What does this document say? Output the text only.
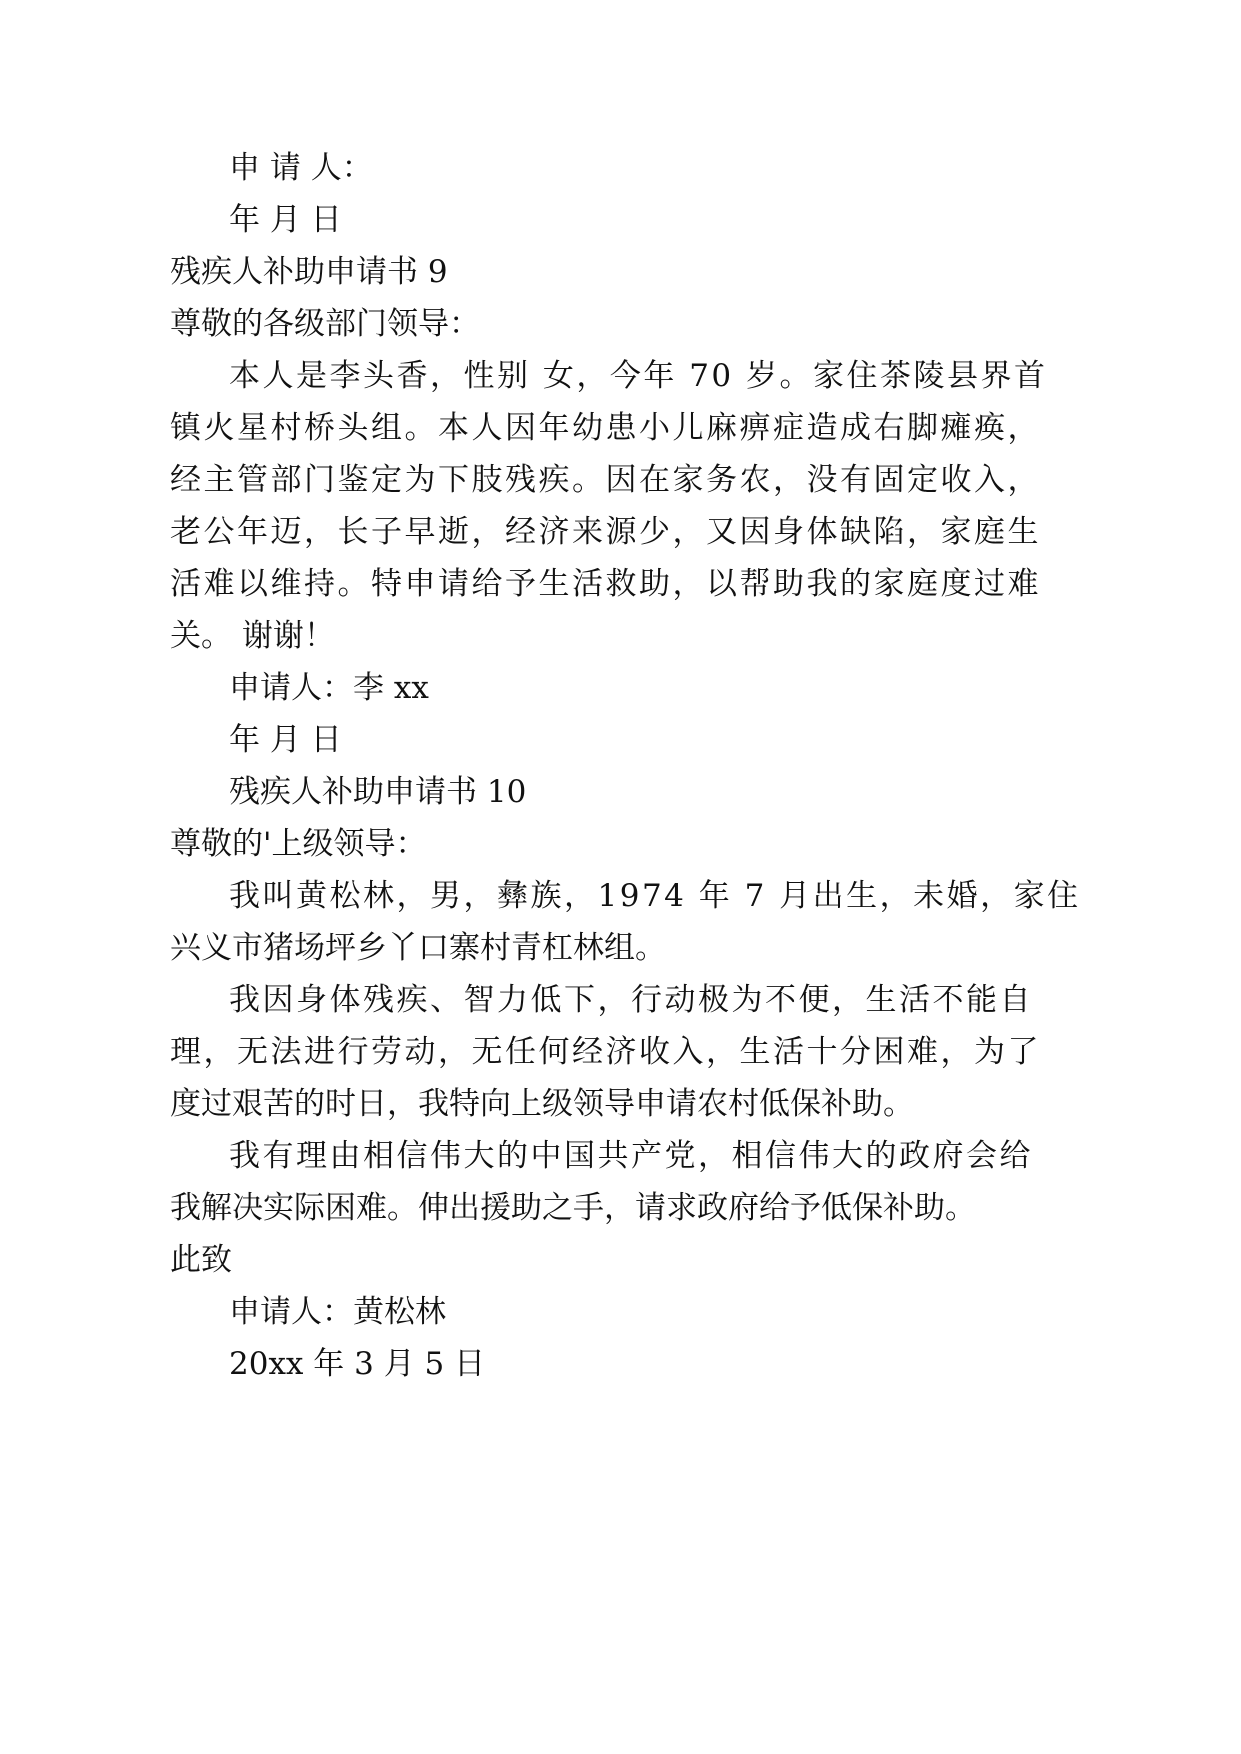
申 请 人：

年 月 日

残疾人补助申请书 9

尊敬的各级部门领导：

本人是李头香，性别 女，今年 70 岁。家住茶陵县界首

镇火星村桥头组。本人因年幼患小儿麻痹症造成右脚瘫痪，

经主管部门鉴定为下肢残疾。因在家务农，没有固定收入，

老公年迈，长子早逝，经济来源少，又因身体缺陷，家庭生

活难以维持。特申请给予生活救助，以帮助我的家庭度过难

关。 谢谢！

申请人：李 xx

年 月 日

残疾人补助申请书 10

尊敬的'上级领导：

我叫黄松林，男，彝族，1974 年 7 月出生，未婚，家住

兴义市猪场坪乡丫口寨村青杠林组。

我因身体残疾、智力低下，行动极为不便，生活不能自

理，无法进行劳动，无任何经济收入，生活十分困难，为了

度过艰苦的时日，我特向上级领导申请农村低保补助。

我有理由相信伟大的中国共产党，相信伟大的政府会给

我解决实际困难。伸出援助之手，请求政府给予低保补助。

此致

申请人：黄松林

20xx 年 3 月 5 日
